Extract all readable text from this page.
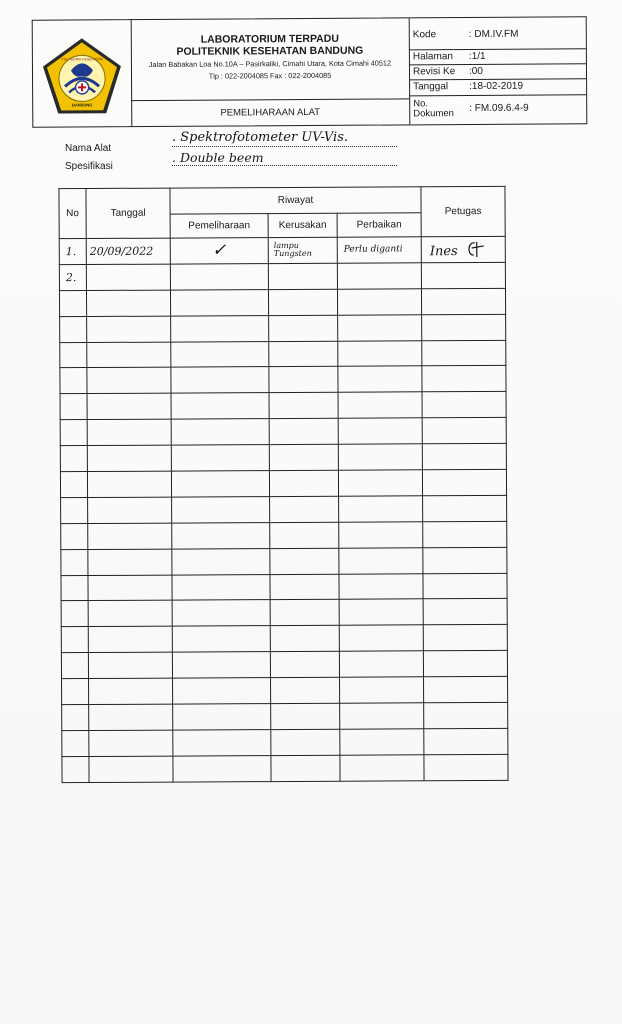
POLITEKNIK KESEHATAN
BANDUNG
LABORATORIUM TERPADU
POLITEKNIK KESEHATAN BANDUNG
Jalan Babakan Loa No.10A – Pasirkaliki, Cimahi Utara, Kota Cimahi 40512
Tlp : 022-2004085 Fax : 022-2004085
PEMELIHARAAN ALAT
Kode	: DM.IV.FM
Halaman :1/1
Revisi Ke :00
Tanggal :18-02-2019
No.
Dokumen : FM.09.6.4-9
Nama Alat
. Spektrofotometer UV-Vis.
Spesifikasi
. Double beem
No	Tanggal	Riwayat			Petugas
		Pemeliharaan	Kerusakan	Perbaikan	
1.	20/09/2022	✓	lampu Tungsten	Perlu diganti	Ines
2.					
